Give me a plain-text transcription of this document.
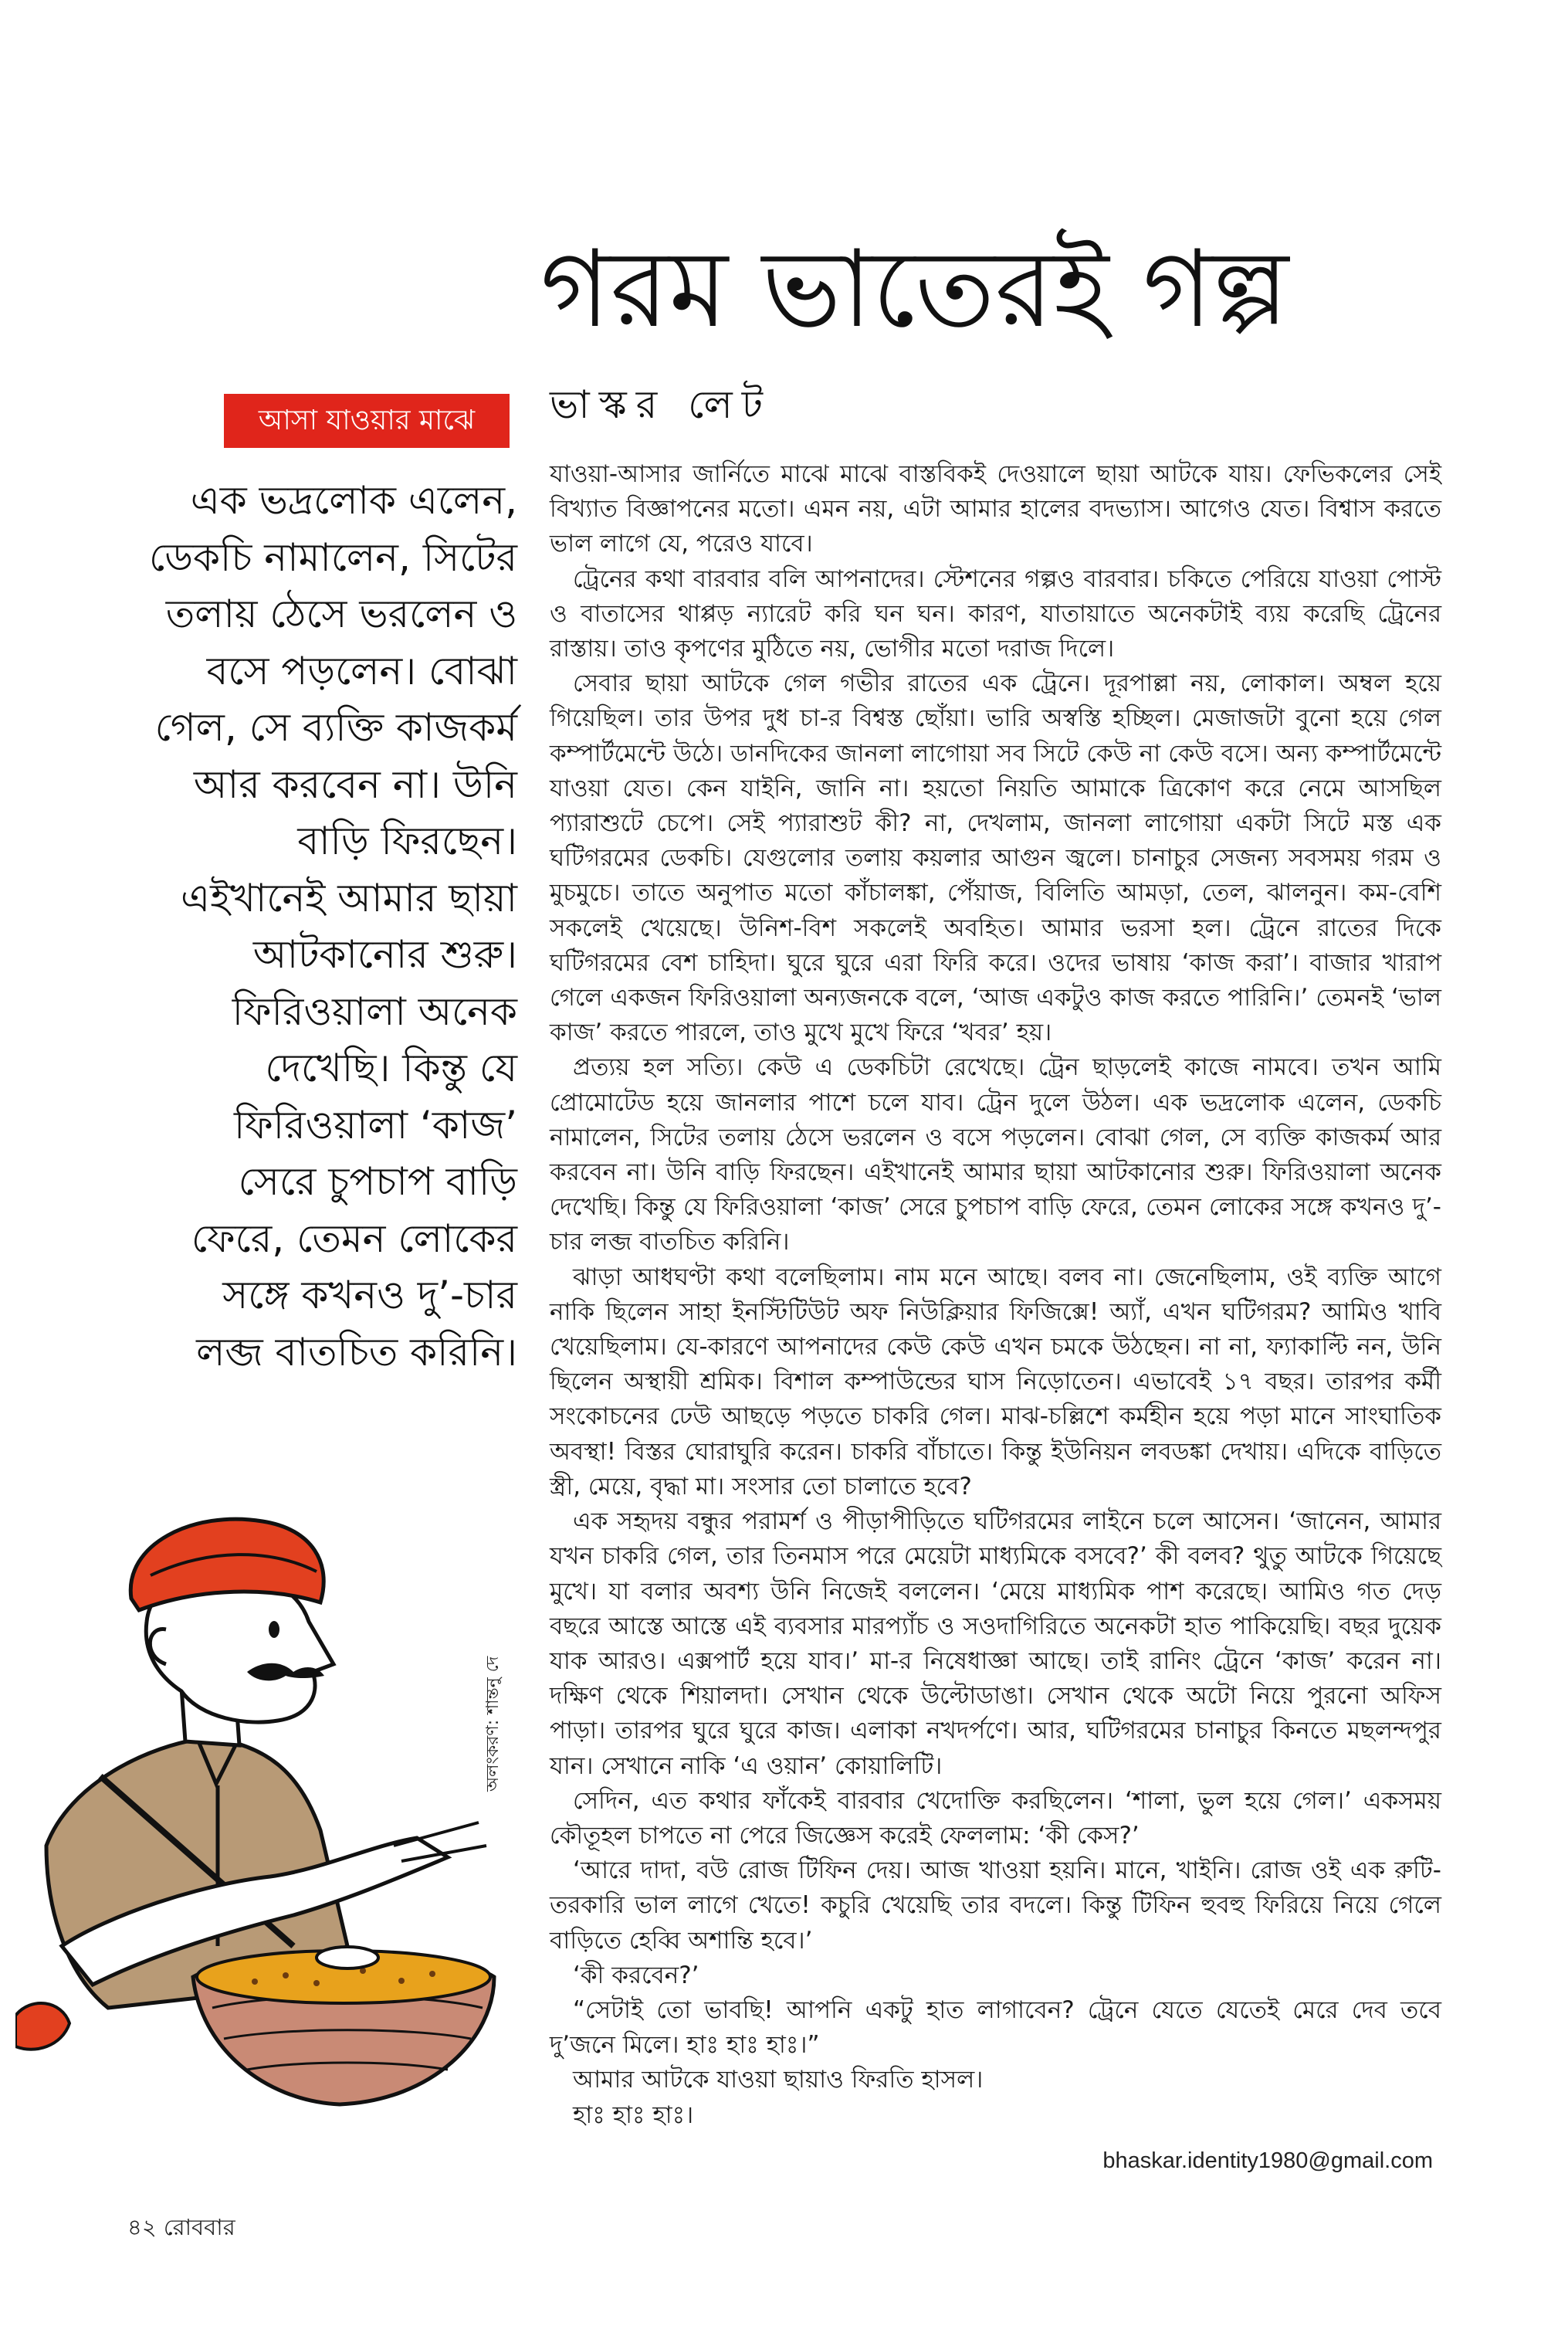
গরম ভাতেরই গল্প
ভাস্কর লেট
আসা যাওয়ার মাঝে
এক ভদ্রলোক এলেন, ডেকচি নামালেন, সিটের তলায় ঠেসে ভরলেন ও বসে পড়লেন। বোঝা গেল, সে ব্যক্তি কাজকর্ম আর করবেন না। উনি বাড়ি ফিরছেন। এইখানেই আমার ছায়া আটকানোর শুরু। ফিরিওয়ালা অনেক দেখেছি। কিন্তু যে ফিরিওয়ালা ‘কাজ’ সেরে চুপচাপ বাড়ি ফেরে, তেমন লোকের সঙ্গে কখনও দু’-চার লব্জ বাতচিত করিনি।
অলংকরণ: শান্তনু দে

যাওয়া-আসার জার্নিতে মাঝে মাঝে বাস্তবিকই দেওয়ালে ছায়া আটকে যায়। ফেভিকলের সেই বিখ্যাত বিজ্ঞাপনের মতো। এমন নয়, এটা আমার হালের বদভ্যাস। আগেও যেত। বিশ্বাস করতে ভাল লাগে যে, পরেও যাবে।

ট্রেনের কথা বারবার বলি আপনাদের। স্টেশনের গল্পও বারবার। চকিতে পেরিয়ে যাওয়া পোস্ট ও বাতাসের থাপ্পড় ন্যারেট করি ঘন ঘন। কারণ, যাতায়াতে অনেকটাই ব্যয় করেছি ট্রেনের রাস্তায়। তাও কৃপণের মুঠিতে নয়, ভোগীর মতো দরাজ দিলে।

সেবার ছায়া আটকে গেল গভীর রাতের এক ট্রেনে। দূরপাল্লা নয়, লোকাল। অম্বল হয়ে গিয়েছিল। তার উপর দুধ চা-র বিশ্বস্ত ছোঁয়া। ভারি অস্বস্তি হচ্ছিল। মেজাজটা বুনো হয়ে গেল কম্পার্টমেন্টে উঠে। ডানদিকের জানলা লাগোয়া সব সিটে কেউ না কেউ বসে। অন্য কম্পার্টমেন্টে যাওয়া যেত। কেন যাইনি, জানি না। হয়তো নিয়তি আমাকে ত্রিকোণ করে নেমে আসছিল প্যারাশুটে চেপে। সেই প্যারাশুট কী? না, দেখলাম, জানলা লাগোয়া একটা সিটে মস্ত এক ঘটিগরমের ডেকচি। যেগুলোর তলায় কয়লার আগুন জ্বলে। চানাচুর সেজন্য সবসময় গরম ও মুচমুচে। তাতে অনুপাত মতো কাঁচালঙ্কা, পেঁয়াজ, বিলিতি আমড়া, তেল, ঝালনুন। কম-বেশি সকলেই খেয়েছে। উনিশ-বিশ সকলেই অবহিত। আমার ভরসা হল। ট্রেনে রাতের দিকে ঘটিগরমের বেশ চাহিদা। ঘুরে ঘুরে এরা ফিরি করে। ওদের ভাষায় ‘কাজ করা’। বাজার খারাপ গেলে একজন ফিরিওয়ালা অন্যজনকে বলে, ‘আজ একটুও কাজ করতে পারিনি।’ তেমনই ‘ভাল কাজ’ করতে পারলে, তাও মুখে মুখে ফিরে ‘খবর’ হয়।

প্রত্যয় হল সত্যি। কেউ এ ডেকচিটা রেখেছে। ট্রেন ছাড়লেই কাজে নামবে। তখন আমি প্রোমোটেড হয়ে জানলার পাশে চলে যাব। ট্রেন দুলে উঠল। এক ভদ্রলোক এলেন, ডেকচি নামালেন, সিটের তলায় ঠেসে ভরলেন ও বসে পড়লেন। বোঝা গেল, সে ব্যক্তি কাজকর্ম আর করবেন না। উনি বাড়ি ফিরছেন। এইখানেই আমার ছায়া আটকানোর শুরু। ফিরিওয়ালা অনেক দেখেছি। কিন্তু যে ফিরিওয়ালা ‘কাজ’ সেরে চুপচাপ বাড়ি ফেরে, তেমন লোকের সঙ্গে কখনও দু’-চার লব্জ বাতচিত করিনি।

ঝাড়া আধঘণ্টা কথা বলেছিলাম। নাম মনে আছে। বলব না। জেনেছিলাম, ওই ব্যক্তি আগে নাকি ছিলেন সাহা ইনস্টিটিউট অফ নিউক্লিয়ার ফিজিক্সে! অ্যাঁ, এখন ঘটিগরম? আমিও খাবি খেয়েছিলাম। যে-কারণে আপনাদের কেউ কেউ এখন চমকে উঠছেন। না না, ফ্যাকাল্টি নন, উনি ছিলেন অস্থায়ী শ্রমিক। বিশাল কম্পাউন্ডের ঘাস নিড়োতেন। এভাবেই ১৭ বছর। তারপর কর্মী সংকোচনের ঢেউ আছড়ে পড়তে চাকরি গেল। মাঝ-চল্লিশে কর্মহীন হয়ে পড়া মানে সাংঘাতিক অবস্থা! বিস্তর ঘোরাঘুরি করেন। চাকরি বাঁচাতে। কিন্তু ইউনিয়ন লবডঙ্কা দেখায়। এদিকে বাড়িতে স্ত্রী, মেয়ে, বৃদ্ধা মা। সংসার তো চালাতে হবে?

এক সহৃদয় বন্ধুর পরামর্শ ও পীড়াপীড়িতে ঘটিগরমের লাইনে চলে আসেন। ‘জানেন, আমার যখন চাকরি গেল, তার তিনমাস পরে মেয়েটা মাধ্যমিকে বসবে?’ কী বলব? থুতু আটকে গিয়েছে মুখে। যা বলার অবশ্য উনি নিজেই বললেন। ‘মেয়ে মাধ্যমিক পাশ করেছে। আমিও গত দেড় বছরে আস্তে আস্তে এই ব্যবসার মারপ্যাঁচ ও সওদাগিরিতে অনেকটা হাত পাকিয়েছি। বছর দুয়েক যাক আরও। এক্সপার্ট হয়ে যাব।’ মা-র নিষেধাজ্ঞা আছে। তাই রানিং ট্রেনে ‘কাজ’ করেন না। দক্ষিণ থেকে শিয়ালদা। সেখান থেকে উল্টোডাঙা। সেখান থেকে অটো নিয়ে পুরনো অফিস পাড়া। তারপর ঘুরে ঘুরে কাজ। এলাকা নখদর্পণে। আর, ঘটিগরমের চানাচুর কিনতে মছলন্দপুর যান। সেখানে নাকি ‘এ ওয়ান’ কোয়ালিটি।

সেদিন, এত কথার ফাঁকেই বারবার খেদোক্তি করছিলেন। ‘শালা, ভুল হয়ে গেল।’ একসময় কৌতূহল চাপতে না পেরে জিজ্ঞেস করেই ফেললাম: ‘কী কেস?’

‘আরে দাদা, বউ রোজ টিফিন দেয়। আজ খাওয়া হয়নি। মানে, খাইনি। রোজ ওই এক রুটি-তরকারি ভাল লাগে খেতে! কচুরি খেয়েছি তার বদলে। কিন্তু টিফিন হুবহু ফিরিয়ে নিয়ে গেলে বাড়িতে হেব্বি অশান্তি হবে।’

‘কী করবেন?’

“সেটাই তো ভাবছি! আপনি একটু হাত লাগাবেন? ট্রেনে যেতে যেতেই মেরে দেব তবে দু’জনে মিলে। হাঃ হাঃ হাঃ।”

আমার আটকে যাওয়া ছায়াও ফিরতি হাসল।

হাঃ হাঃ হাঃ।

bhaskar.identity1980@gmail.com
৪২ রোববার
